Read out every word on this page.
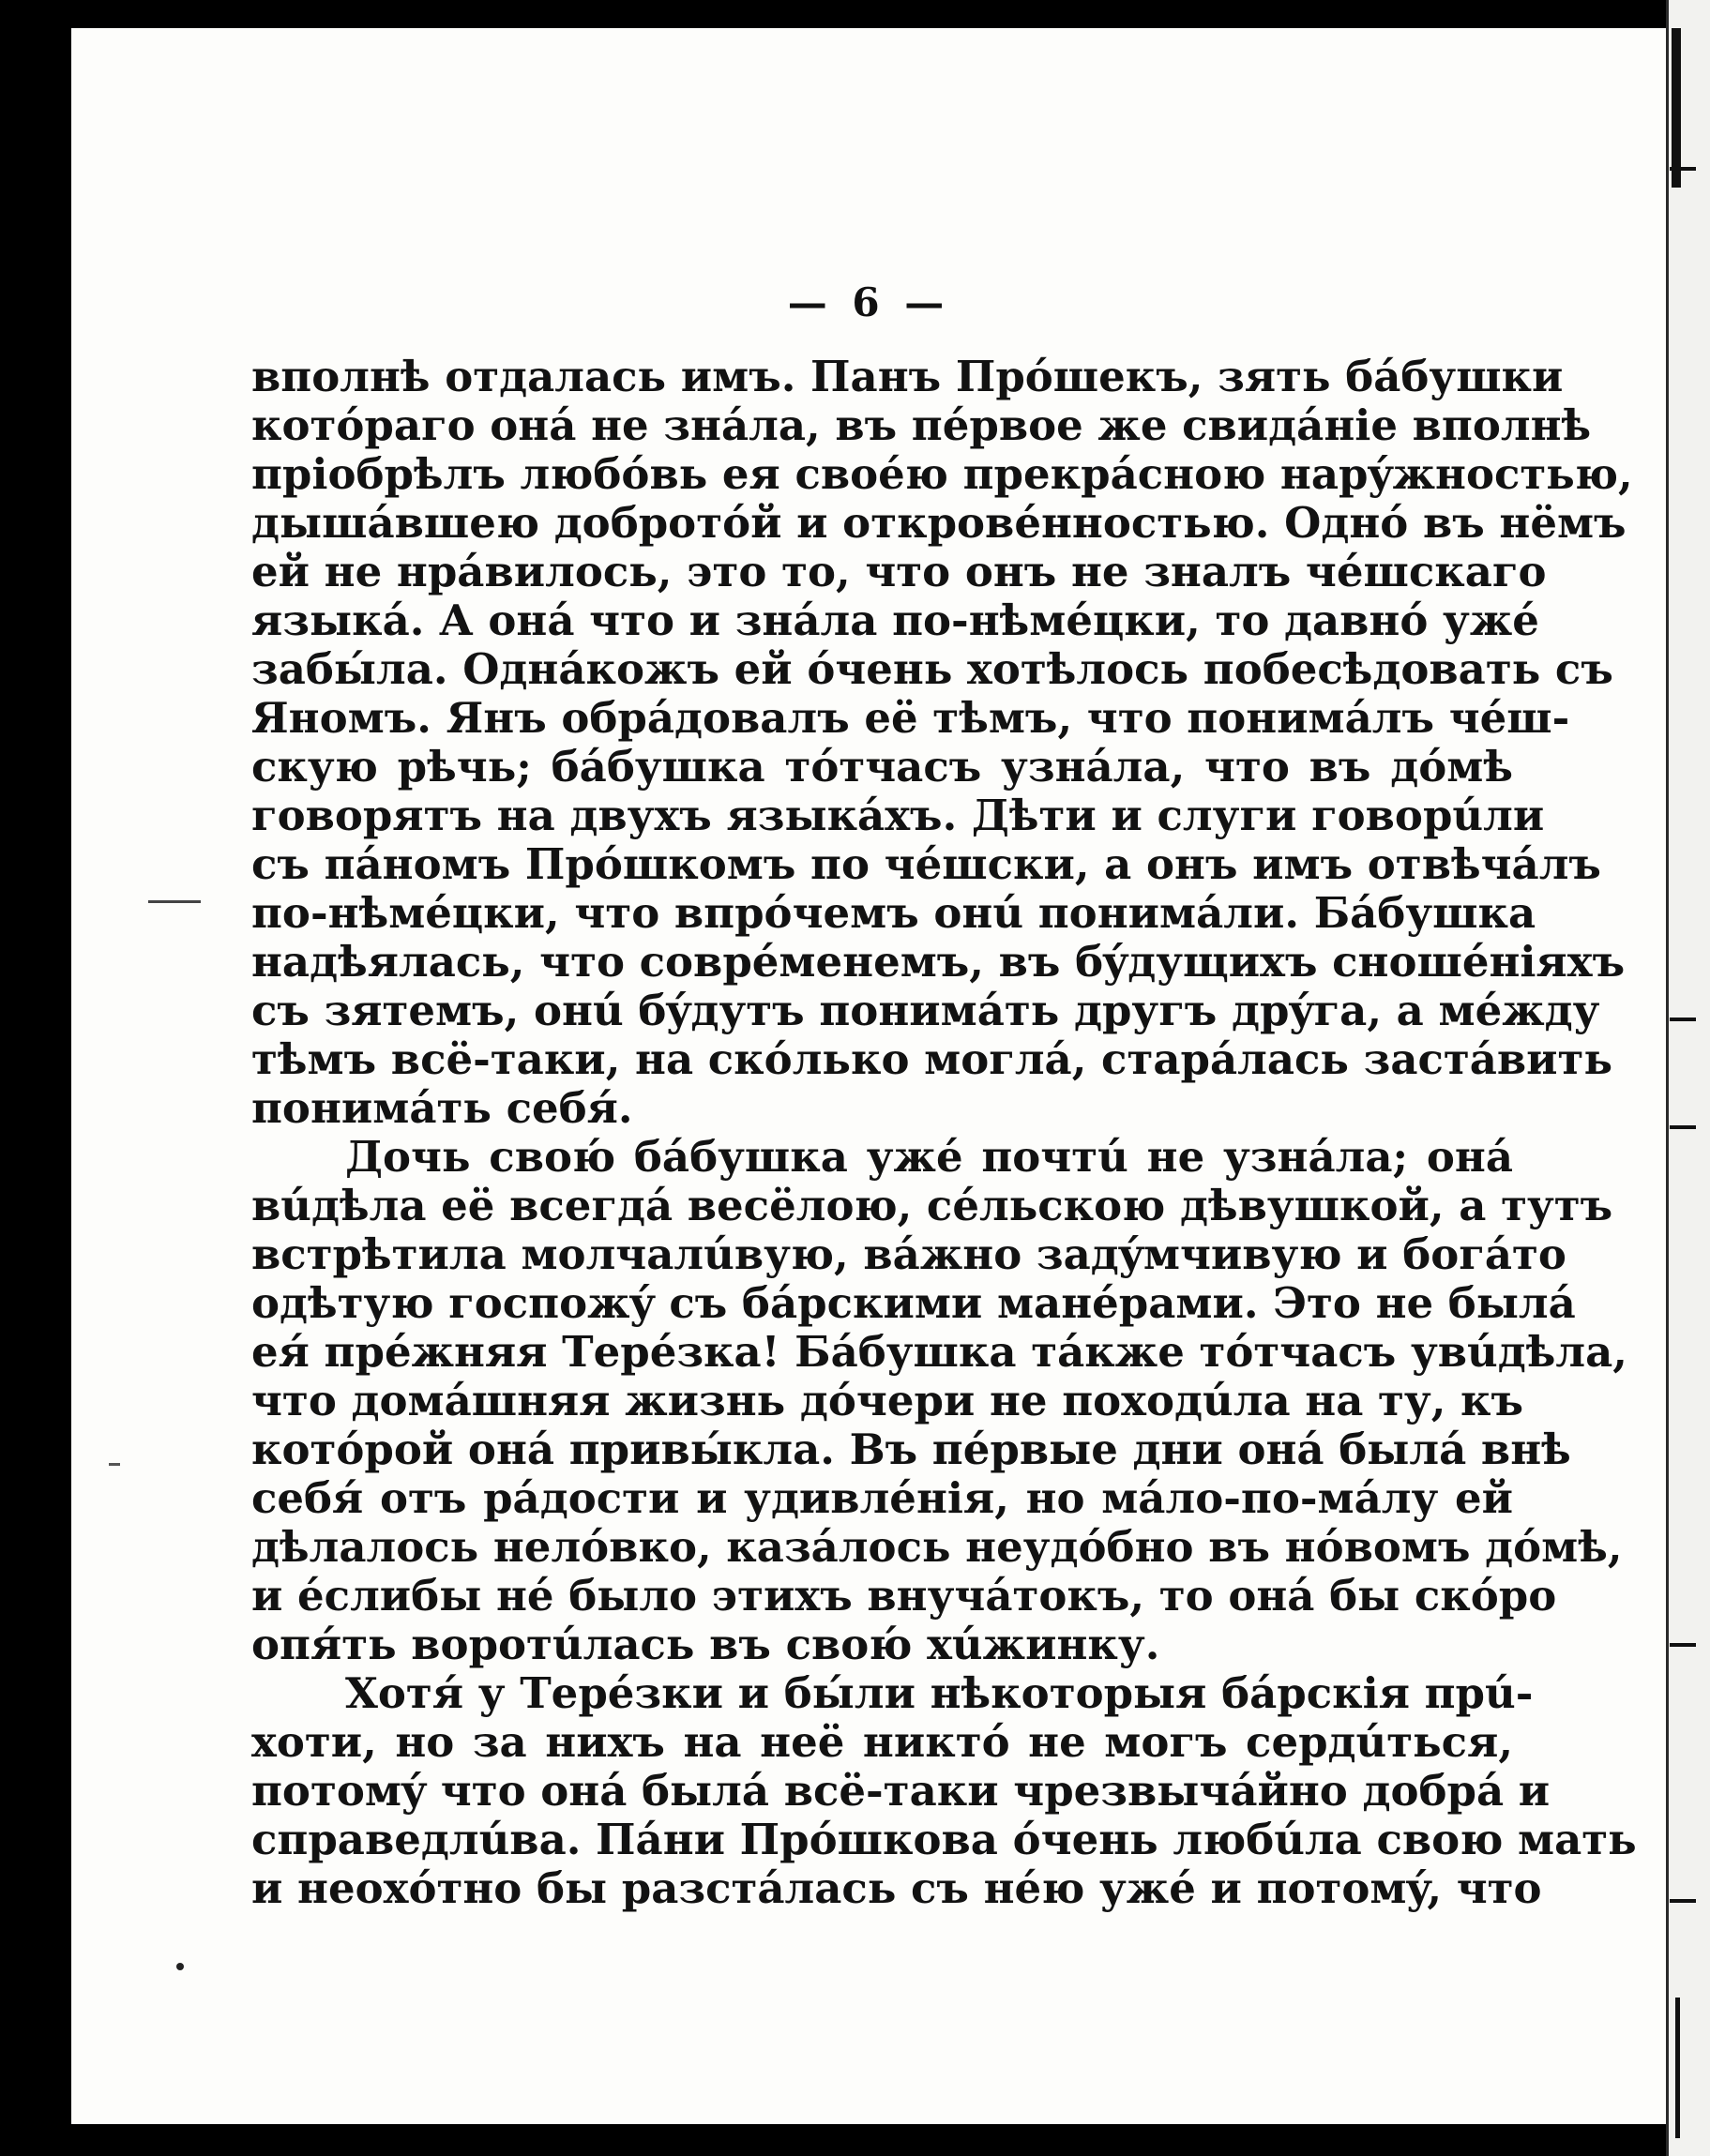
— 6 —
вполнѣ отдалась имъ. Панъ Прóшекъ, зять бáбушки
котóраго онá не знáла, въ пéрвое же свидáнiе вполнѣ
прiобрѣлъ любóвь ея своéю прекрáсною нарýжностью,
дышáвшею добротóй и откровéнностью. Однó въ нёмъ
ей не нрáвилось, это то, что онъ не зналъ чéшскаго
языкá. А онá что и знáла по-нѣмéцки, то давнó ужé
забы́ла. Однáкожъ ей óчень хотѣлось побесѣдовать съ
Яномъ. Янъ обрáдовалъ её тѣмъ, что понимáлъ чéш-
скую рѣчь; бáбушка тóтчасъ узнáла, что въ дóмѣ
говорятъ на двухъ языкáхъ. Дѣти и слуги говорúли
съ пáномъ Прóшкомъ по чéшски, а онъ имъ отвѣчáлъ
по-нѣмéцки, что впрóчемъ онú понимáли. Бáбушка
надѣялась, что соврéменемъ, въ бýдущихъ сношéнiяхъ
съ зятемъ, онú бýдутъ понимáть другъ дрýга, а мéжду
тѣмъ всё-таки, на скóлько моглá, старáлась застáвить
понимáть себя́.
Дочь свою́ бáбушка ужé почтú не узнáла; онá
вúдѣла её всегдá весёлою, сéльскою дѣвушкой, а тутъ
встрѣтила молчалúвую, вáжно задýмчивую и богáто
одѣтую госпожý съ бáрскими манéрами. Это не былá
ея́ прéжняя Терéзка! Бáбушка тáкже тóтчасъ увúдѣла,
что домáшняя жизнь дóчери не походúла на ту, къ
котóрой онá привы́кла. Въ пéрвые дни онá былá внѣ
себя́ отъ рáдости и удивлéнiя, но мáло-по-мáлу ей
дѣлалось нелóвко, казáлось неудóбно въ нóвомъ дóмѣ,
и éслибы нé было этихъ внучáтокъ, то онá бы скóро
опя́ть воротúлась въ свою́ хúжинку.
Хотя́ у Терéзки и бы́ли нѣкоторыя бáрскiя прú-
хоти, но за нихъ на неё никтó не могъ сердúться,
потомý что онá былá всё-таки чрезвычáйно добрá и
справедлúва. Пáни Прóшкова óчень любúла свою мать
и неохóтно бы разстáлась съ нéю ужé и потомý, что
